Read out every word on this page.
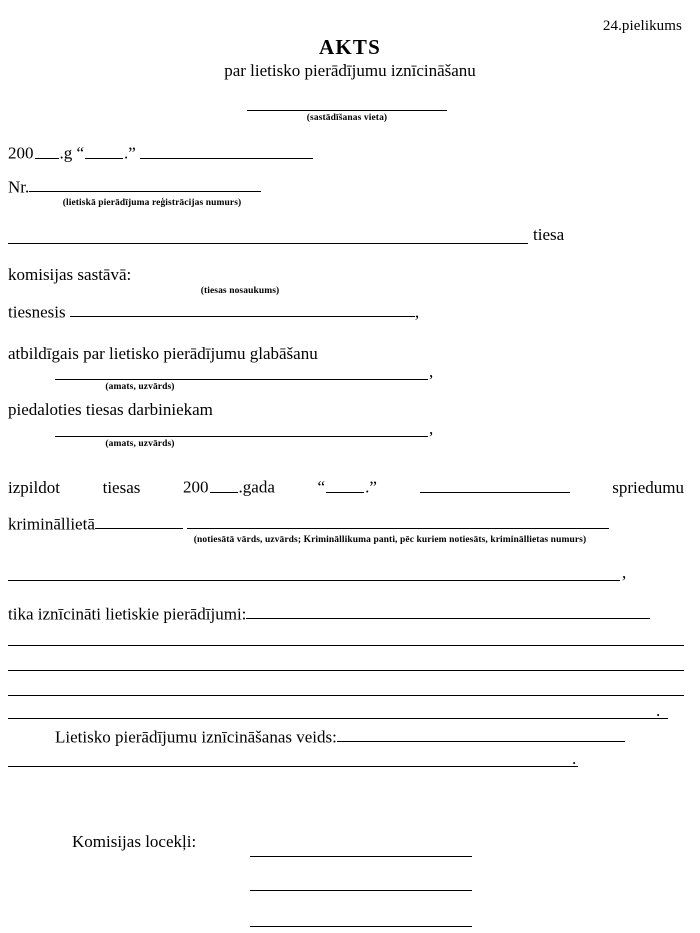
24.pielikums
AKTS
par lietisko pierādījumu iznīcināšanu
(sastādīšanas vieta)
200 .g “ .”
Nr.
(lietiskā pierādījuma reģistrācijas numurs)
tiesa
komisijas sastāvā:
(tiesas nosaukums)
tiesnesis	,
atbildīgais par lietisko pierādījumu glabāšanu
,
(amats, uzvārds)
piedaloties tiesas darbiniekam
,
(amats, uzvārds)
izpildot	tiesas	200 .gada	“ .”	spriedumu
krimināllietā
(notiesātā vārds, uzvārds; Krimināllikuma panti, pēc kuriem notiesāts, krimināllietas numurs)
,
tika iznīcināti lietiskie pierādījumi:
.
Lietisko pierādījumu iznīcināšanas veids:
.
Komisijas locekļi:
